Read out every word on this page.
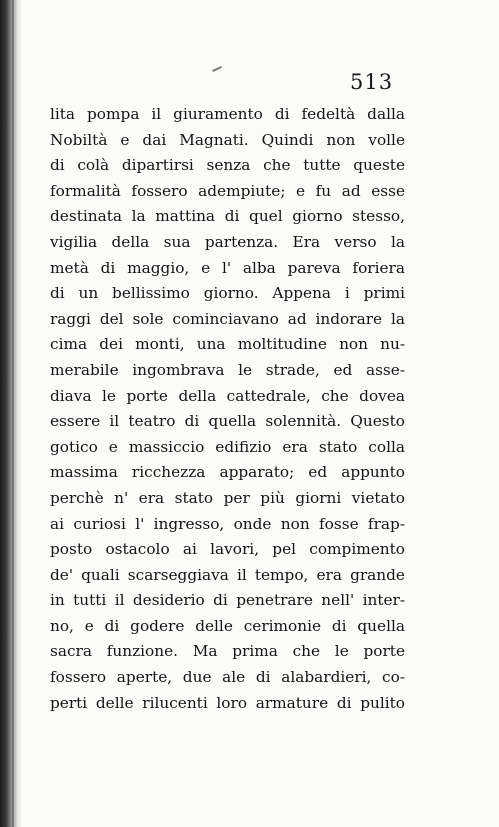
513
lita pompa il giuramento di fedeltà dalla
Nobiltà e dai Magnati. Quindi non volle
di colà dipartirsi senza che tutte queste
formalità fossero adempiute; e fu ad esse
destinata la mattina di quel giorno stesso,
vigilia della sua partenza. Era verso la
metà di maggio, e l' alba pareva foriera
di un bellissimo giorno. Appena i primi
raggi del sole cominciavano ad indorare la
cima dei monti, una moltitudine non nu-
merabile ingombrava le strade, ed asse-
diava le porte della cattedrale, che dovea
essere il teatro di quella solennità. Questo
gotico e massiccio edifizio era stato colla
massima ricchezza apparato; ed appunto
perchè n' era stato per più giorni vietato
ai curiosi l' ingresso, onde non fosse frap-
posto ostacolo ai lavori, pel compimento
de' quali scarseggiava il tempo, era grande
in tutti il desiderio di penetrare nell' inter-
no, e di godere delle cerimonie di quella
sacra funzione. Ma prima che le porte
fossero aperte, due ale di alabardieri, co-
perti delle rilucenti loro armature di pulito
